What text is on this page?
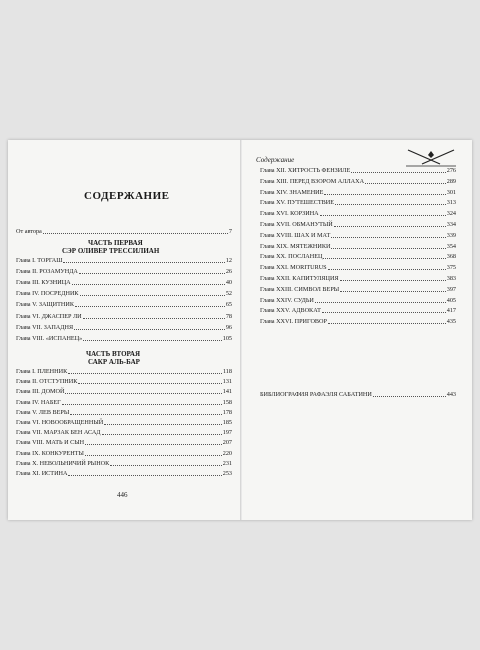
СОДЕРЖАНИЕ
От автора	7
ЧАСТЬ ПЕРВАЯ
СЭР ОЛИВЕР ТРЕССИЛИАН
Глава I. ТОРГАШ	12
Глава II. РОЗАМУНДА	26
Глава III. КУЗНИЦА	40
Глава IV. ПОСРЕДНИК	52
Глава V. ЗАЩИТНИК	65
Глава VI. ДЖАСПЕР ЛИ	78
Глава VII. ЗАПАДНЯ	96
Глава VIII. «ИСПАНЕЦ»	105
ЧАСТЬ ВТОРАЯ
САКР АЛЬ-БАР
Глава I. ПЛЕННИК	118
Глава II. ОТСТУПНИК	131
Глава III. ДОМОЙ	141
Глава IV. НАБЕГ	158
Глава V. ЛЕВ ВЕРЫ	178
Глава VI. НОВООБРАЩЕННЫЙ	185
Глава VII. МАРЗАК БЕН АСАД	197
Глава VIII. МАТЬ И СЫН	207
Глава IX. КОНКУРЕНТЫ	220
Глава X. НЕВОЛЬНИЧИЙ РЫНОК	231
Глава XI. ИСТИНА	253
446
Содержание
Глава XII. ХИТРОСТЬ ФЕНЗИЛЕ	276
Глава XIII. ПЕРЕД ВЗОРОМ АЛЛАХА	289
Глава XIV. ЗНАМЕНИЕ	301
Глава XV. ПУТЕШЕСТВИЕ	313
Глава XVI. КОРЗИНА	324
Глава XVII. ОБМАНУТЫЙ	334
Глава XVIII. ШАХ И МАТ	339
Глава XIX. МЯТЕЖНИКИ	354
Глава XX. ПОСЛАНЕЦ	368
Глава XXI. MORITURUS	375
Глава XXII. КАПИТУЛЯЦИЯ	383
Глава XXIII. СИМВОЛ ВЕРЫ	397
Глава XXIV. СУДЬИ	405
Глава XXV. АДВОКАТ	417
Глава XXVI. ПРИГОВОР	435
БИБЛИОГРАФИЯ РАФАЭЛЯ САБАТИНИ	443
